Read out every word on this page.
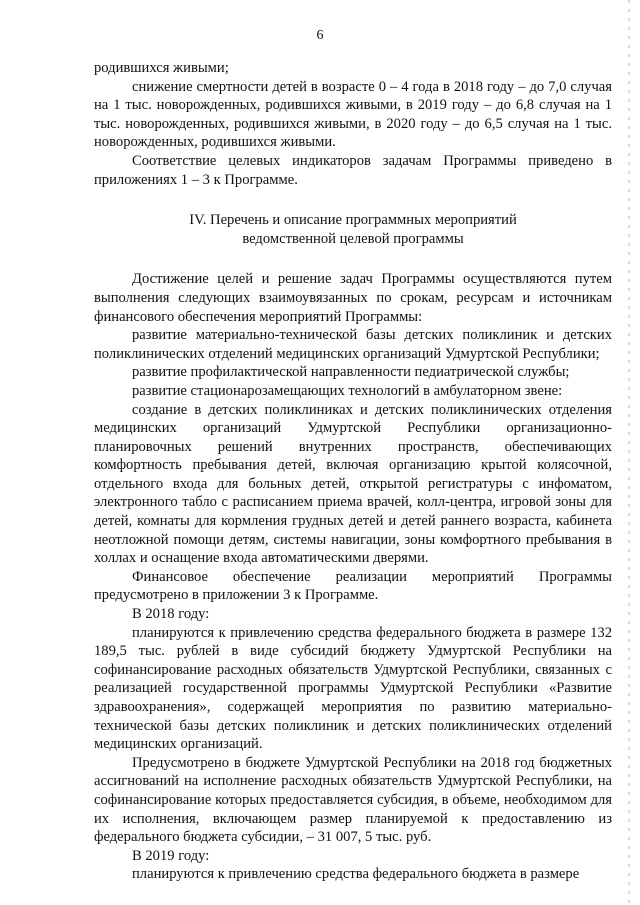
6

родившихся живыми;

снижение смертности детей в возрасте 0 – 4 года в 2018 году – до 7,0 случая на 1 тыс. новорожденных, родившихся живыми, в 2019 году – до 6,8 случая на 1 тыс. новорожденных, родившихся живыми, в 2020 году – до 6,5 случая на 1 тыс. новорожденных, родившихся живыми.

Соответствие целевых индикаторов задачам Программы приведено в приложениях 1 – 3 к Программе.

IV. Перечень и описание программных мероприятий
ведомственной целевой программы

Достижение целей и решение задач Программы осуществляются путем выполнения следующих взаимоувязанных по срокам, ресурсам и источникам финансового обеспечения мероприятий Программы:

развитие материально-технической базы детских поликлиник и детских поликлинических отделений медицинских организаций Удмуртской Республики;

развитие профилактической направленности педиатрической службы;

развитие стационарозамещающих технологий в амбулаторном звене:

создание в детских поликлиниках и детских поликлинических отделения медицинских организаций Удмуртской Республики организационно-планировочных решений внутренних пространств, обеспечивающих комфортность пребывания детей, включая организацию крытой колясочной, отдельного входа для больных детей, открытой регистратуры с инфоматом, электронного табло с расписанием приема врачей, колл-центра, игровой зоны для детей, комнаты для кормления грудных детей и детей раннего возраста, кабинета неотложной помощи детям, системы навигации, зоны комфортного пребывания в холлах и оснащение входа автоматическими дверями.

Финансовое обеспечение реализации мероприятий Программы предусмотрено в приложении 3 к Программе.

В 2018 году:

планируются к привлечению средства федерального бюджета в размере 132 189,5 тыс. рублей в виде субсидий бюджету Удмуртской Республики на софинансирование расходных обязательств Удмуртской Республики, связанных с реализацией государственной программы Удмуртской Республики «Развитие здравоохранения», содержащей мероприятия по развитию материально-технической базы детских поликлиник и детских поликлинических отделений медицинских организаций.

Предусмотрено в бюджете Удмуртской Республики на 2018 год бюджетных ассигнований на исполнение расходных обязательств Удмуртской Республики, на софинансирование которых предоставляется субсидия, в объеме, необходимом для их исполнения, включающем размер планируемой к предоставлению из федерального бюджета субсидии, – 31 007, 5 тыс. руб.

В 2019 году:

планируются к привлечению средства федерального бюджета в размере
